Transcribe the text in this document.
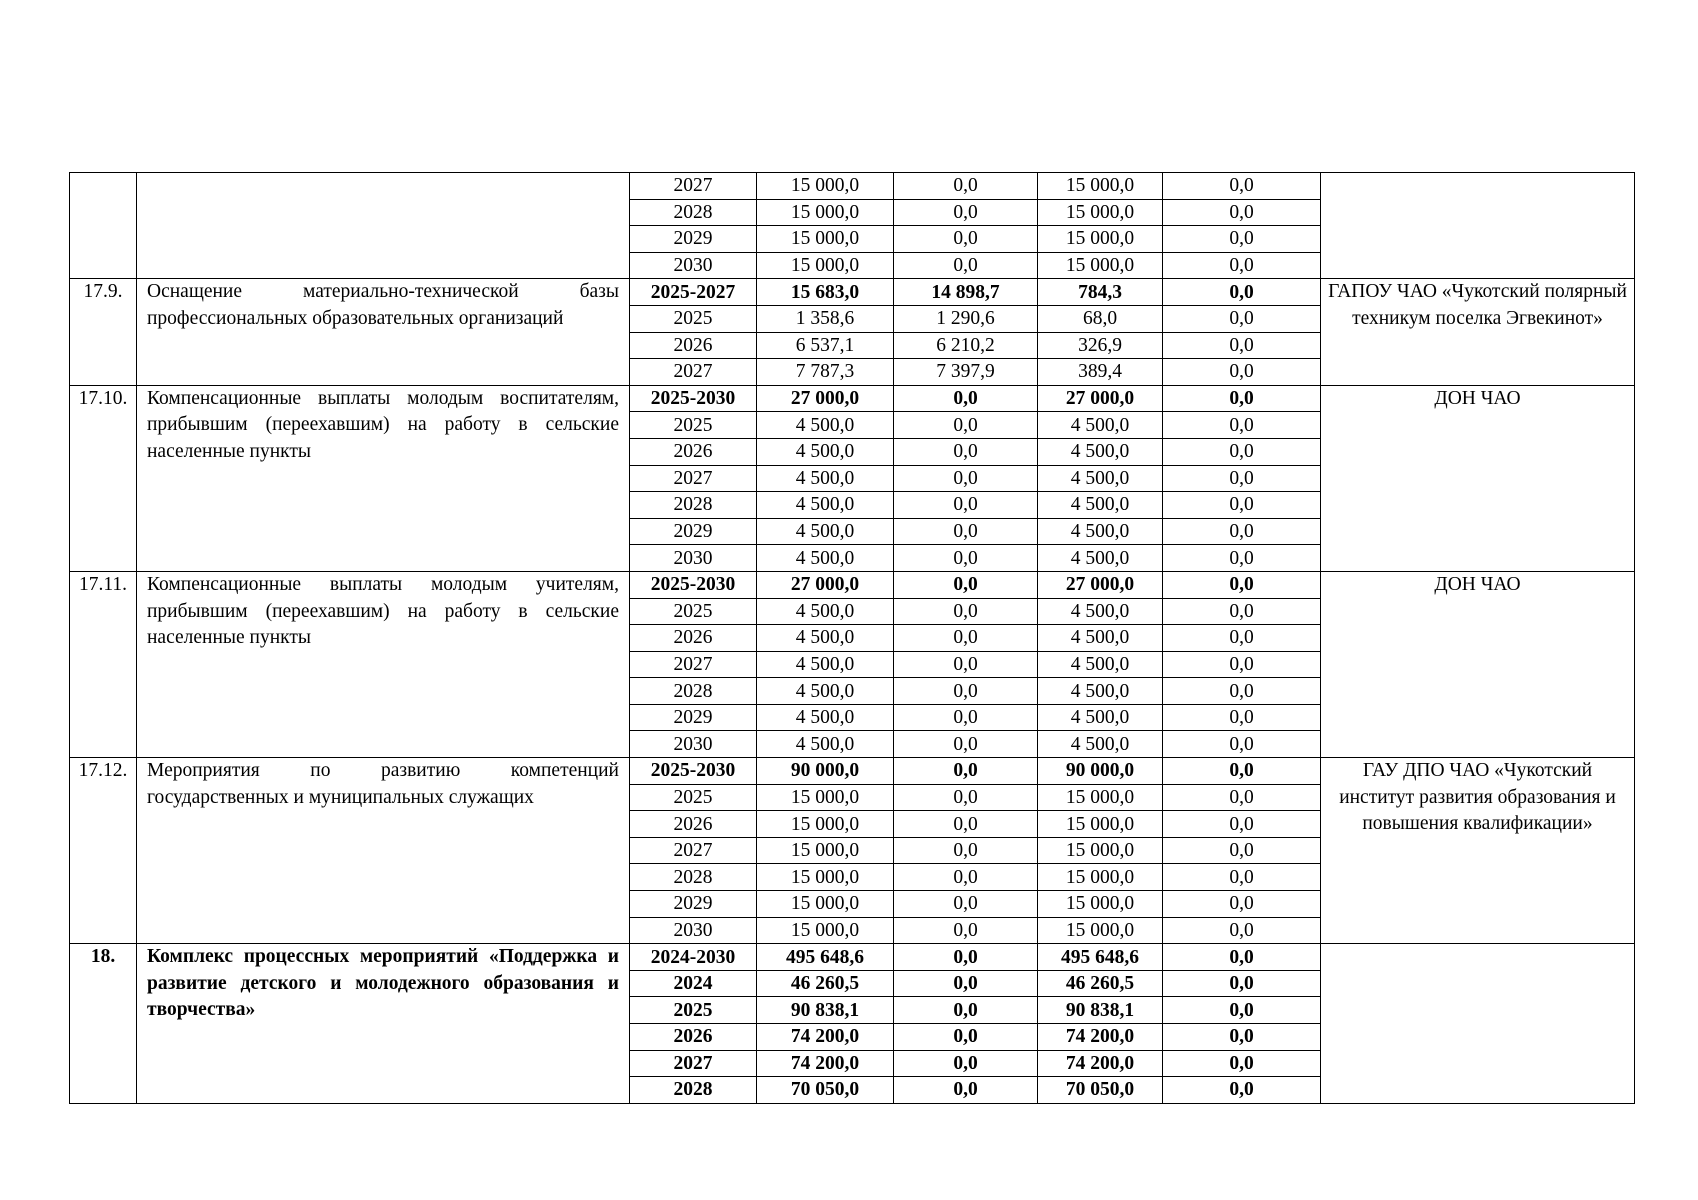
		2027	15 000,0	0,0	15 000,0	0,0	
		2028	15 000,0	0,0	15 000,0	0,0	
		2029	15 000,0	0,0	15 000,0	0,0	
		2030	15 000,0	0,0	15 000,0	0,0	
17.9.	Оснащение материально-технической базы профессиональных образовательных организаций	2025-2027	15 683,0	14 898,7	784,3	0,0	ГАПОУ ЧАО «Чукотский полярный техникум поселка Эгвекинот»
		2025	1 358,6	1 290,6	68,0	0,0	
		2026	6 537,1	6 210,2	326,9	0,0	
		2027	7 787,3	7 397,9	389,4	0,0	
17.10.	Компенсационные выплаты молодым воспитателям, прибывшим (переехавшим) на работу в сельские населенные пункты	2025-2030	27 000,0	0,0	27 000,0	0,0	ДОН ЧАО
		2025	4 500,0	0,0	4 500,0	0,0	
		2026	4 500,0	0,0	4 500,0	0,0	
		2027	4 500,0	0,0	4 500,0	0,0	
		2028	4 500,0	0,0	4 500,0	0,0	
		2029	4 500,0	0,0	4 500,0	0,0	
		2030	4 500,0	0,0	4 500,0	0,0	
17.11.	Компенсационные выплаты молодым учителям, прибывшим (переехавшим) на работу в сельские населенные пункты	2025-2030	27 000,0	0,0	27 000,0	0,0	ДОН ЧАО
		2025	4 500,0	0,0	4 500,0	0,0	
		2026	4 500,0	0,0	4 500,0	0,0	
		2027	4 500,0	0,0	4 500,0	0,0	
		2028	4 500,0	0,0	4 500,0	0,0	
		2029	4 500,0	0,0	4 500,0	0,0	
		2030	4 500,0	0,0	4 500,0	0,0	
17.12.	Мероприятия по развитию компетенций государственных и муниципальных служащих	2025-2030	90 000,0	0,0	90 000,0	0,0	ГАУ ДПО ЧАО «Чукотский институт развития образования и повышения квалификации»
		2025	15 000,0	0,0	15 000,0	0,0	
		2026	15 000,0	0,0	15 000,0	0,0	
		2027	15 000,0	0,0	15 000,0	0,0	
		2028	15 000,0	0,0	15 000,0	0,0	
		2029	15 000,0	0,0	15 000,0	0,0	
		2030	15 000,0	0,0	15 000,0	0,0	
18.	Комплекс процессных мероприятий «Поддержка и развитие детского и молодежного образования и творчества»	2024-2030	495 648,6	0,0	495 648,6	0,0	
		2024	46 260,5	0,0	46 260,5	0,0	
		2025	90 838,1	0,0	90 838,1	0,0	
		2026	74 200,0	0,0	74 200,0	0,0	
		2027	74 200,0	0,0	74 200,0	0,0	
		2028	70 050,0	0,0	70 050,0	0,0	
